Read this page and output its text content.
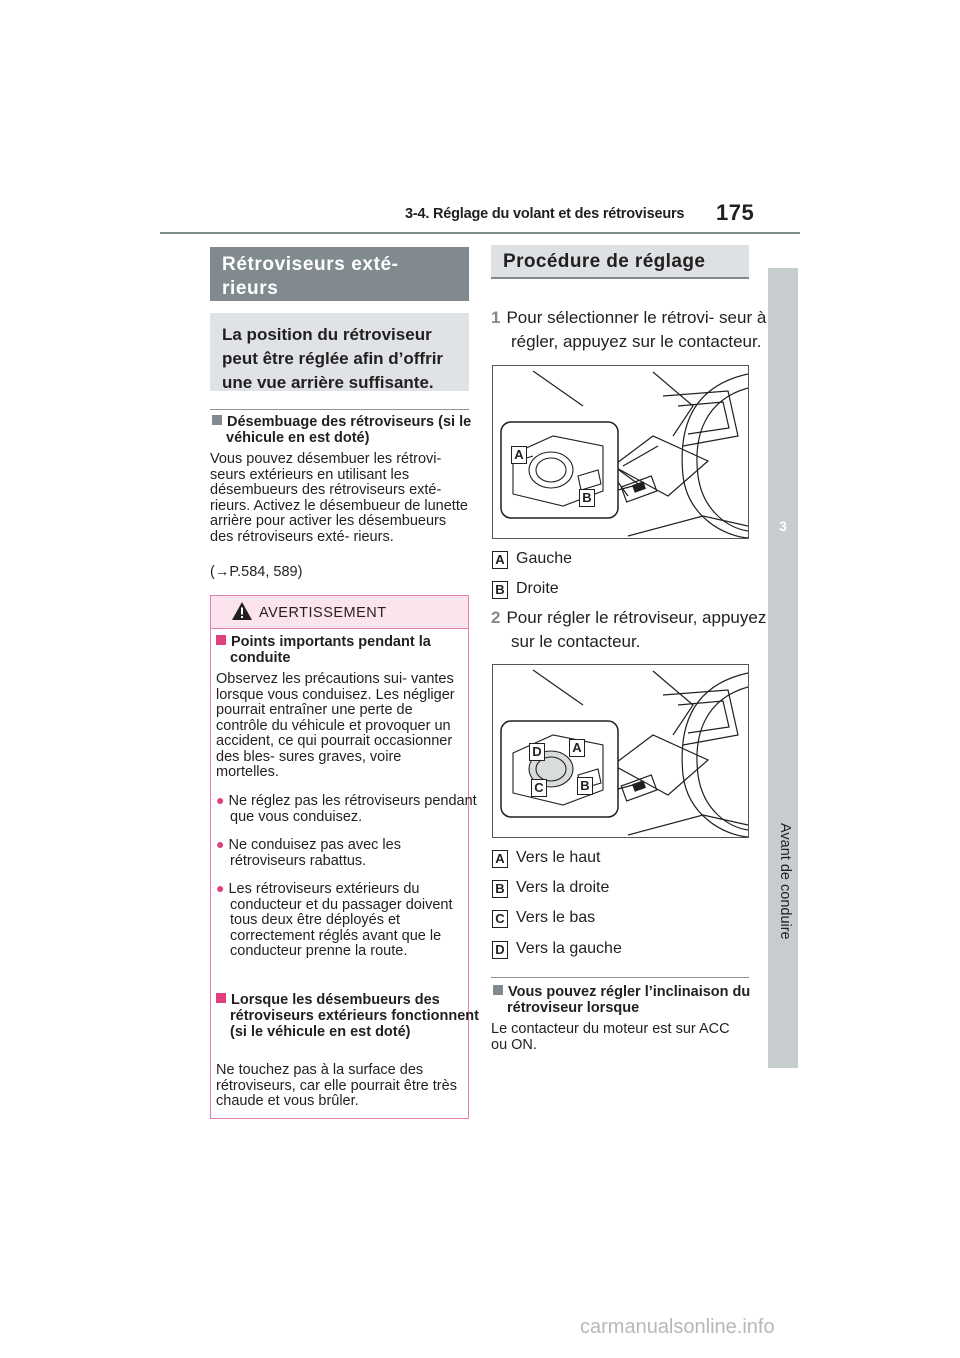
3-4. Réglage du volant et des rétroviseurs 175
3
Avant de conduire
Rétroviseurs exté-
rieurs
La position du rétroviseur peut être réglée afin d’offrir une vue arrière suffisante.
Désembuage des rétroviseurs (si le véhicule en est doté)
Vous pouvez désembuer les rétrovi- seurs extérieurs en utilisant les désembueurs des rétroviseurs exté- rieurs. Activez le désembueur de lunette arrière pour activer les désembueurs des rétroviseurs exté- rieurs.
(→P.584, 589)
AVERTISSEMENT
Points importants pendant la conduite
Observez les précautions sui- vantes lorsque vous conduisez. Les négliger pourrait entraîner une perte de contrôle du véhicule et provoquer un accident, ce qui pourrait occasionner des bles- sures graves, voire mortelles.
● Ne réglez pas les rétroviseurs pendant que vous conduisez.
● Ne conduisez pas avec les rétroviseurs rabattus.
● Les rétroviseurs extérieurs du conducteur et du passager doivent tous deux être déployés et correctement réglés avant que le conducteur prenne la route.
Lorsque les désembueurs des rétroviseurs extérieurs fonctionnent (si le véhicule en est doté)
Ne touchez pas à la surface des rétroviseurs, car elle pourrait être très chaude et vous brûler.
Procédure de réglage
1 Pour sélectionner le rétrovi- seur à régler, appuyez sur le contacteur.
A
B
A Gauche
B Droite
2 Pour régler le rétroviseur, appuyez sur le contacteur.
D A
C	B
A Vers le haut
B Vers la droite
C Vers le bas
D Vers la gauche
Vous pouvez régler l’inclinaison du rétroviseur lorsque
Le contacteur du moteur est sur ACC ou ON.
carmanualsonline.info
